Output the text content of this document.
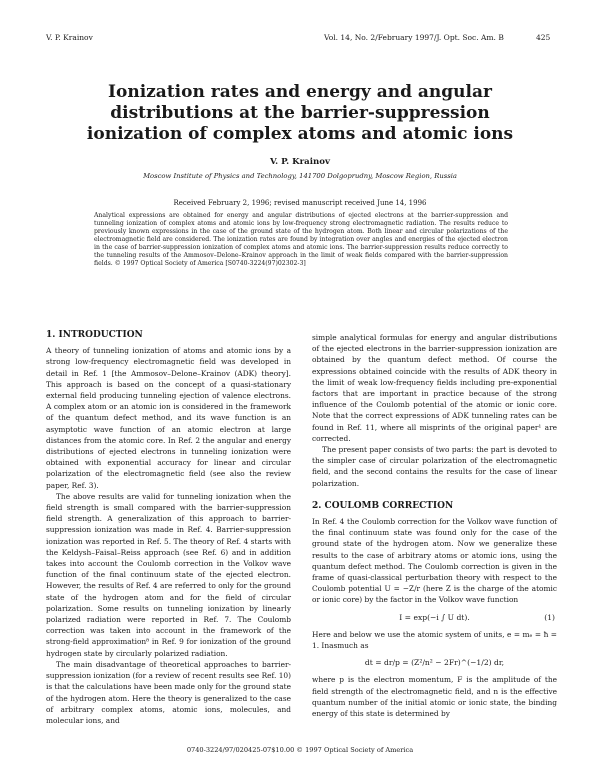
V. P. Krainov	Vol. 14, No. 2/February 1997/J. Opt. Soc. Am. B	425
Ionization rates and energy and angular distributions at the barrier-suppression ionization of complex atoms and atomic ions
V. P. Krainov
Moscow Institute of Physics and Technology, 141700 Dolgoprudny, Moscow Region, Russia
Received February 2, 1996; revised manuscript received June 14, 1996
Analytical expressions are obtained for energy and angular distributions of ejected electrons at the barrier-suppression and tunneling ionization of complex atoms and atomic ions by low-frequency strong electromagnetic radiation. The results reduce to previously known expressions in the case of the ground state of the hydrogen atom. Both linear and circular polarizations of the electromagnetic field are considered. The ionization rates are found by integration over angles and energies of the ejected electron in the case of barrier-suppression ionization of complex atoms and atomic ions. The barrier-suppression results reduce correctly to the tunneling results of the Ammosov–Delone–Krainov approach in the limit of weak fields compared with the barrier-suppression fields. © 1997 Optical Society of America [S0740-3224(97)02302-3]
1. INTRODUCTION

A theory of tunneling ionization of atoms and atomic ions by a strong low-frequency electromagnetic field was developed in detail in Ref. 1 [the Ammosov–Delone–Krainov (ADK) theory]. This approach is based on the concept of a quasi-stationary external field producing tunneling ejection of valence electrons. A complex atom or an atomic ion is considered in the framework of the quantum defect method, and its wave function is an asymptotic wave function of an atomic electron at large distances from the atomic core. In Ref. 2 the angular and energy distributions of ejected electrons in tunneling ionization were obtained with exponential accuracy for linear and circular polarization of the electromagnetic field (see also the review paper, Ref. 3).

The above results are valid for tunneling ionization when the field strength is small compared with the barrier-suppression field strength. A generalization of this approach to barrier-suppression ionization was made in Ref. 4. Barrier-suppression ionization was reported in Ref. 5. The theory of Ref. 4 starts with the Keldysh–Faisal–Reiss approach (see Ref. 6) and in addition takes into account the Coulomb correction in the Volkov wave function of the final continuum state of the ejected electron. However, the results of Ref. 4 are referred to only for the ground state of the hydrogen atom and for the field of circular polarization. Some results on tunneling ionization by linearly polarized radiation were reported in Ref. 7. The Coulomb correction was taken into account in the framework of the strong-field approximation⁸ in Ref. 9 for ionization of the ground hydrogen state by circularly polarized radiation.

The main disadvantage of theoretical approaches to barrier-suppression ionization (for a review of recent results see Ref. 10) is that the calculations have been made only for the ground state of the hydrogen atom. Here the theory is generalized to the case of arbitrary complex atoms, atomic ions, molecules, and molecular ions, and

simple analytical formulas for energy and angular distributions of the ejected electrons in the barrier-suppression ionization are obtained by the quantum defect method. Of course the expressions obtained coincide with the results of ADK theory in the limit of weak low-frequency fields including pre-exponential factors that are important in practice because of the strong influence of the Coulomb potential of the atomic or ionic core. Note that the correct expressions of ADK tunneling rates can be found in Ref. 11, where all misprints of the original paper¹ are corrected.

The present paper consists of two parts: the part is devoted to the simpler case of circular polarization of the electromagnetic field, and the second contains the results for the case of linear polarization.

2. COULOMB CORRECTION

In Ref. 4 the Coulomb correction for the Volkov wave function of the final continuum state was found only for the case of the ground state of the hydrogen atom. Now we generalize these results to the case of arbitrary atoms or atomic ions, using the quantum defect method. The Coulomb correction is given in the frame of quasi-classical perturbation theory with respect to the Coulomb potential U = −Z/r (here Z is the charge of the atomic or ionic core) by the factor in the Volkov wave function

I = exp(−i ∫ U dt).	(1)

Here and below we use the atomic system of units, e = mₑ = ħ = 1. Inasmuch as

dt = dr/p = (Z²/n² − 2Fr)^(−1/2) dr,

where p is the electron momentum, F is the amplitude of the field strength of the electromagnetic field, and n is the effective quantum number of the initial atomic or ionic state, the binding energy of this state is determined by

0740-3224/97/020425-07$10.00 © 1997 Optical Society of America
